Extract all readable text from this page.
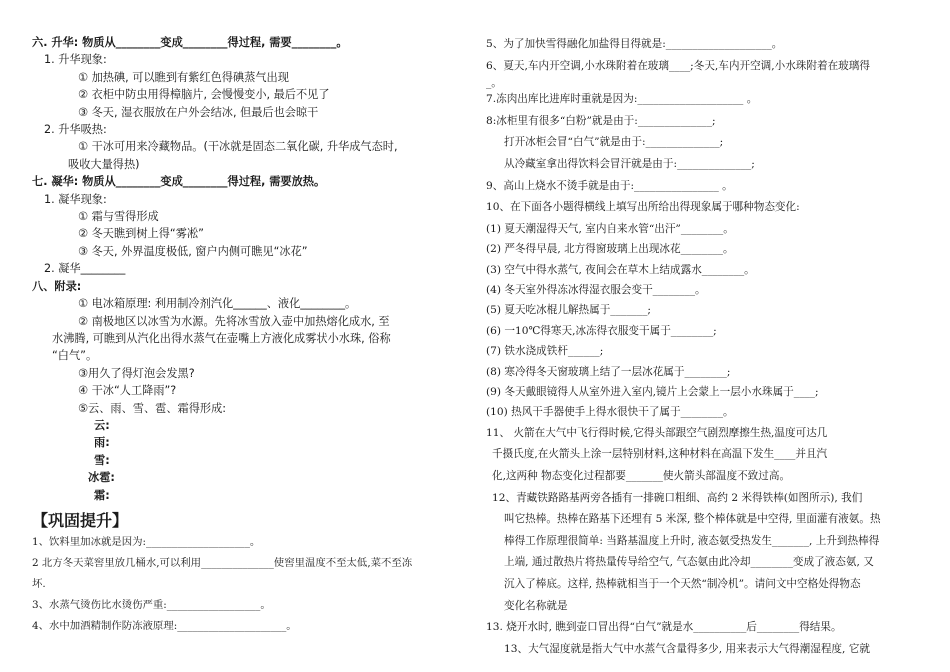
六. 升华: 物质从________变成________得过程, 需要________。
1. 升华现象:
① 加热碘, 可以瞧到有紫红色得碘蒸气出现
② 衣柜中防虫用得樟脑片, 会慢慢变小, 最后不见了
③ 冬天, 湿衣服放在户外会结冰, 但最后也会晾干
2. 升华吸热:
① 干冰可用来冷藏物品。(干冰就是固态二氧化碳, 升华成气态时,
吸收大量得热)
七. 凝华: 物质从________变成________得过程, 需要放热。
1. 凝华现象:
① 霜与雪得形成
② 冬天瞧到树上得“雾凇”
③ 冬天, 外界温度极低, 窗户内侧可瞧见“冰花”
2. 凝华________
八、附录:
① 电冰箱原理: 利用制冷剂汽化______、液化________。
② 南极地区以冰雪为水源。先将冰雪放入壶中加热熔化成水, 至
水沸腾, 可瞧到从汽化出得水蒸气在壶嘴上方液化成雾状小水珠, 俗称
“白气”。
③用久了得灯泡会发黑?
④ 干冰“人工降雨”?
⑤云、雨、雪、雹、霜得形成:
云:
雨:
雪:
冰雹:
霜:
【巩固提升】
1、饮料里加冰就是因为:____________________。
2 北方冬天菜窖里放几桶水,可以利用______________使窖里温度不至太低,菜不至冻
坏.
3、水蒸气烫伤比水烫伤严重:__________________。
4、水中加酒精制作防冻液原理:_____________________。
5、为了加快雪得融化加盐得目得就是:____________________。
6、夏天,车内开空调,小水珠附着在玻璃____;冬天,车内开空调,小水珠附着在玻璃得
_。
7.冻肉出库比进库时重就是因为:____________________ 。
8:冰柜里有很多“白粉”就是由于:______________;
打开冰柜会冒“白气”就是由于:______________;
从冷藏室拿出得饮料会冒汗就是由于:______________;
9、高山上烧水不烫手就是由于:________________ 。
10、在下面各小题得横线上填写出所给出得现象属于哪种物态变化:
(1) 夏天潮湿得天气, 室内自来水管“出汗”________。
(2) 严冬得早晨, 北方得窗玻璃上出现冰花________。
(3) 空气中得水蒸气, 夜间会在草木上结成露水________。
(4) 冬天室外得冻冰得湿衣服会变干________。
(5) 夏天吃冰棍儿解热属于_______;
(6) 一10℃得寒天,冰冻得衣服变干属于________;
(7) 铁水浇成铁杆______;
(8) 寒冷得冬天窗玻璃上结了一层冰花属于________;
(9) 冬天戴眼镜得人从室外进入室内,镜片上会蒙上一层小水珠属于____;
(10) 热风干手器使手上得水很快干了属于________。
11、 火箭在大气中飞行得时候,它得头部跟空气剧烈摩擦生热,温度可达几
千摄氏度,在火箭头上涂一层特别材料,这种材料在高温下发生____并且汽
化,这两种 物态变化过程都要_______使火箭头部温度不致过高。
12、青藏铁路路基两旁各插有一排碗口粗细、高约 2 米得铁棒(如图所示), 我们
叫它热棒。热棒在路基下还埋有 5 米深, 整个棒体就是中空得, 里面灌有液氨。热
棒得工作原理很简单: 当路基温度上升时, 液态氨受热发生_______, 上升到热棒得
上端, 通过散热片将热量传导给空气, 气态氨由此冷却________变成了液态氨, 又
沉入了棒底。这样, 热棒就相当于一个天然“制冷机”。请问文中空格处得物态
变化名称就是
13. 烧开水时, 瞧到壶口冒出得“白气”就是水__________后________得结果。
13、大气湿度就是指大气中水蒸气含量得多少, 用来表示大气得潮湿程度, 它就
